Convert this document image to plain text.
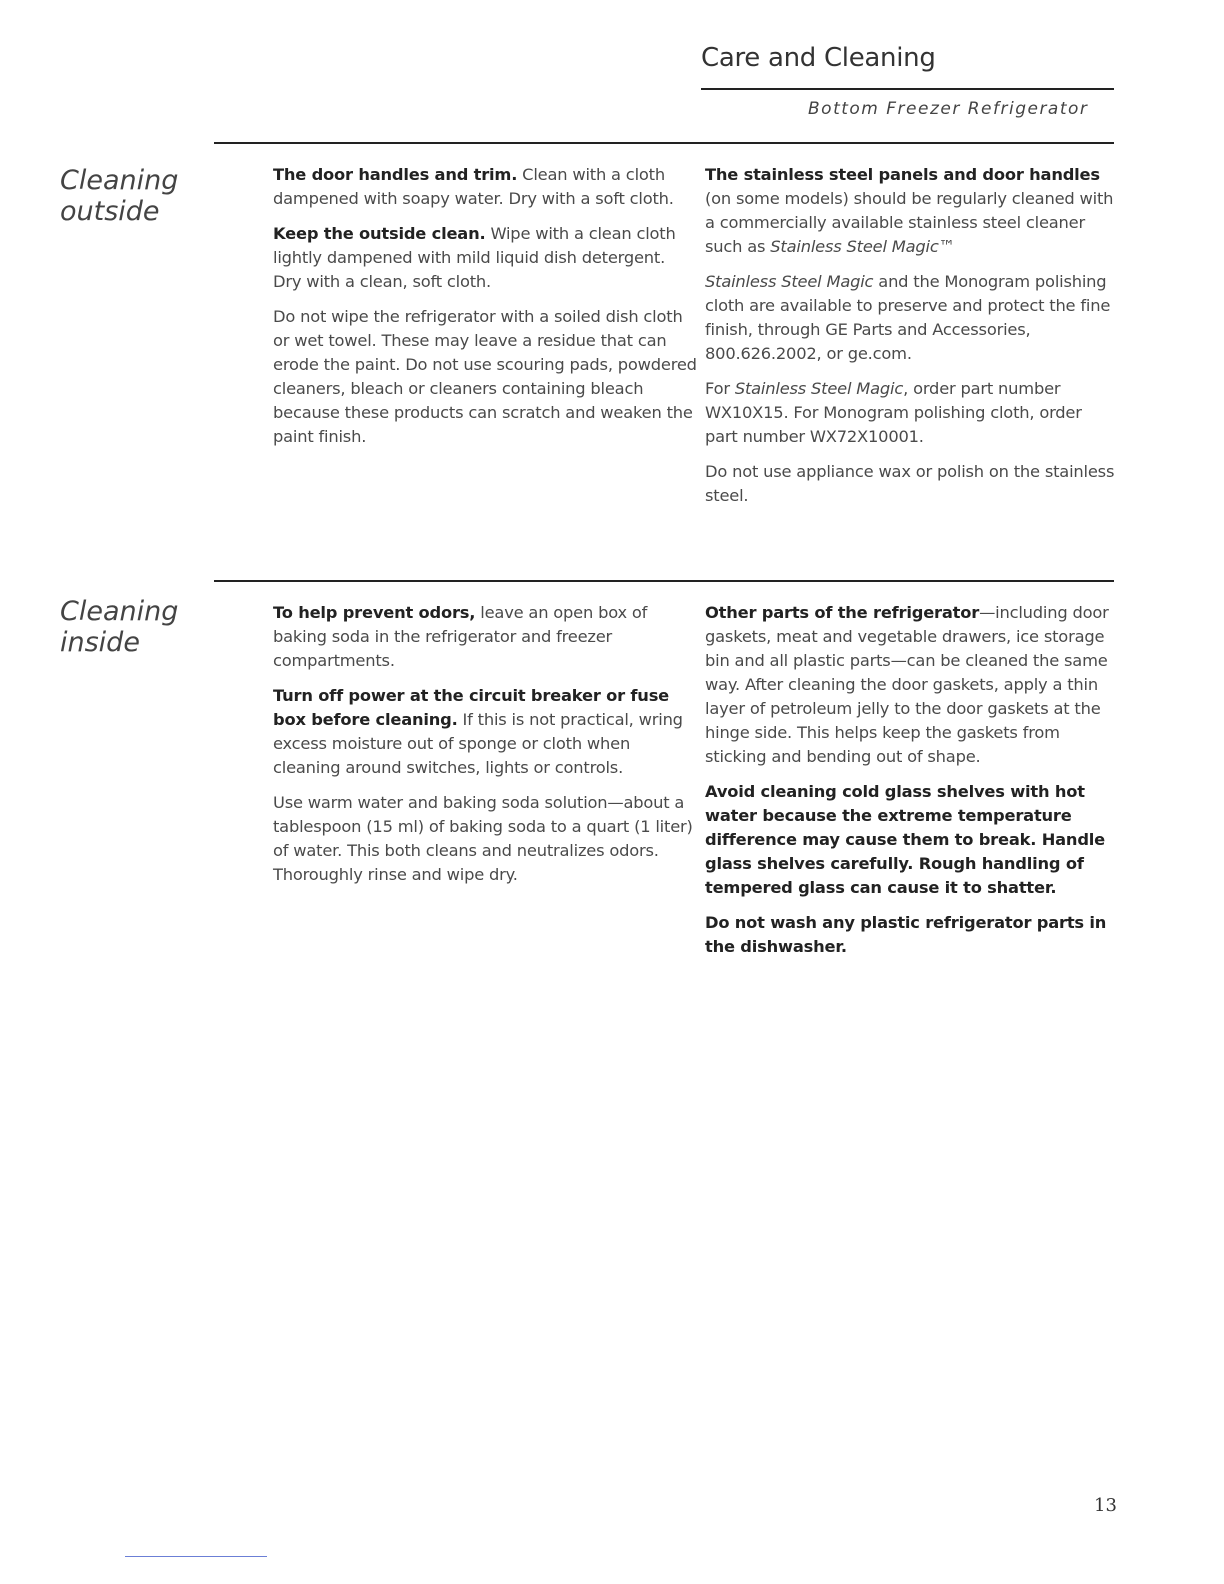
Care and Cleaning
Bottom Freezer Refrigerator
Cleaning
outside

The door handles and trim. Clean with a cloth dampened with soapy water. Dry with a soft cloth.

Keep the outside clean. Wipe with a clean cloth lightly dampened with mild liquid dish detergent. Dry with a clean, soft cloth.

Do not wipe the refrigerator with a soiled dish cloth or wet towel. These may leave a residue that can erode the paint. Do not use scouring pads, powdered cleaners, bleach or cleaners containing bleach because these products can scratch and weaken the paint finish.

The stainless steel panels and door handles (on some models) should be regularly cleaned with a commercially available stainless steel cleaner such as Stainless Steel Magic™

Stainless Steel Magic and the Monogram polishing cloth are available to preserve and protect the fine finish, through GE Parts and Accessories, 800.626.2002, or ge.com.

For Stainless Steel Magic, order part number WX10X15. For Monogram polishing cloth, order part number WX72X10001.

Do not use appliance wax or polish on the stainless steel.

Cleaning
inside

To help prevent odors, leave an open box of baking soda in the refrigerator and freezer compartments.

Turn off power at the circuit breaker or fuse box before cleaning. If this is not practical, wring excess moisture out of sponge or cloth when cleaning around switches, lights or controls.

Use warm water and baking soda solution—about a tablespoon (15 ml) of baking soda to a quart (1 liter) of water. This both cleans and neutralizes odors. Thoroughly rinse and wipe dry.

Other parts of the refrigerator—including door gaskets, meat and vegetable drawers, ice storage bin and all plastic parts—can be cleaned the same way. After cleaning the door gaskets, apply a thin layer of petroleum jelly to the door gaskets at the hinge side. This helps keep the gaskets from sticking and bending out of shape.

Avoid cleaning cold glass shelves with hot water because the extreme temperature difference may cause them to break. Handle glass shelves carefully. Rough handling of tempered glass can cause it to shatter.

Do not wash any plastic refrigerator parts in the dishwasher.

13
